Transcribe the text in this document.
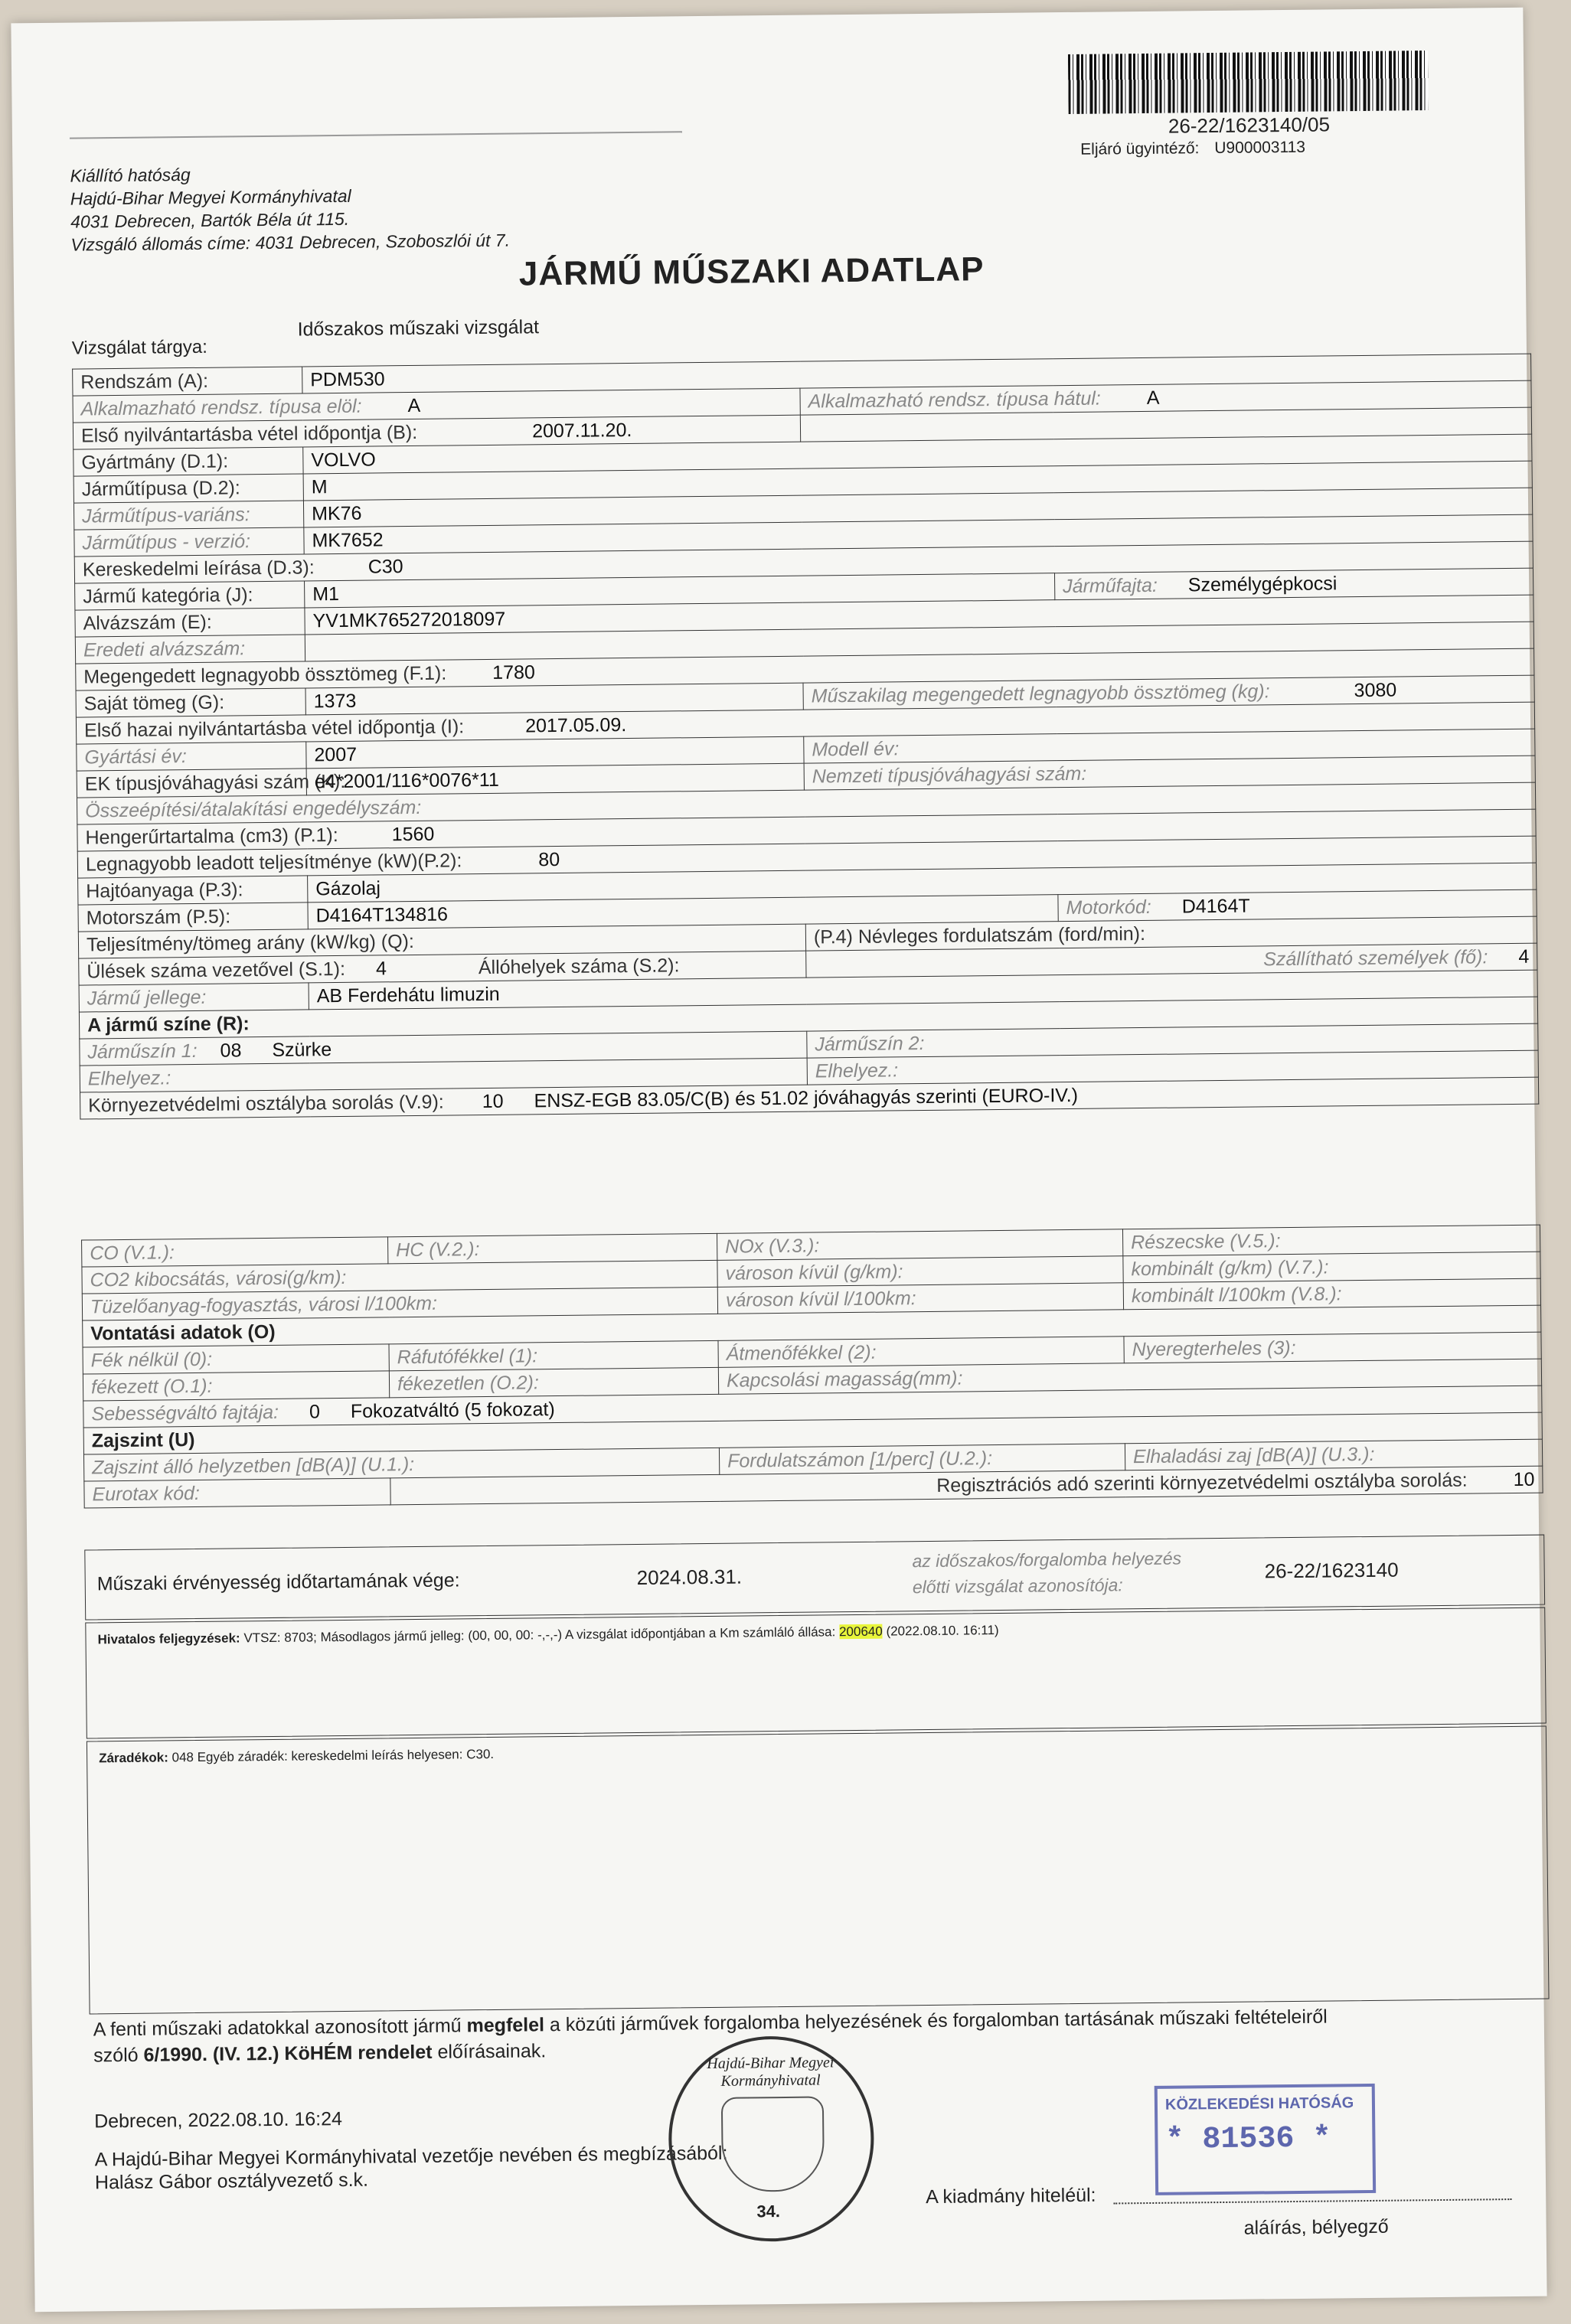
26-22/1623140/05
Eljáró ügyintéző: U900003113
Kiállító hatóság
Hajdú-Bihar Megyei Kormányhivatal
4031 Debrecen, Bartók Béla út 115.
Vizsgáló állomás címe: 4031 Debrecen, Szoboszlói út 7.
JÁRMŰ MŰSZAKI ADATLAP
Vizsgálat tárgya:
Időszakos műszaki vizsgálat
Rendszám (A):	PDM530		
Alkalmazható rendsz. típusa elöl: A		Alkalmazható rendsz. típusa hátul: A	
Első nyilvántartásba vétel időpontja (B): 2007.11.20.			
Gyártmány (D.1):	VOLVO		
Járműtípusa (D.2):	M		
Járműtípus-variáns:	MK76		
Járműtípus - verzió:	MK7652		
Kereskedelmi leírása (D.3): C30			
Jármű kategória (J):	M1		Járműfajta: Személygépkocsi
Alvázszám (E):	YV1MK765272018097		
Eredeti alvázszám:			
Megengedett legnagyobb össztömeg (F.1): 1780			
Saját tömeg (G):	1373	Műszakilag megengedett legnagyobb össztömeg (kg): 3080	
Első hazai nyilvántartásba vétel időpontja (I): 2017.05.09.			
Gyártási év:	2007	Modell év:	
EK típusjóváhagyási szám (K):	e4*2001/116*0076*11	Nemzeti típusjóváhagyási szám:	
Összeépítési/átalakítási engedélyszám:			
Hengerűrtartalma (cm3) (P.1): 1560			
Legnagyobb leadott teljesítménye (kW)(P.2): 80			
Hajtóanyaga (P.3):	Gázolaj		
Motorszám (P.5):	D4164T134816		Motorkód: D4164T
Teljesítmény/tömeg arány (kW/kg) (Q):		(P.4) Névleges fordulatszám (ford/min):	
Ülések száma vezetővel (S.1): 4 Állóhelyek száma (S.2):		Szállítható személyek (fő): 4	
Jármű jellege:	AB Ferdehátu limuzin		
A jármű színe (R):			
Járműszín 1: 08 Szürke		Járműszín 2:	
Elhelyez.:		Elhelyez.:	
Környezetvédelmi osztályba sorolás (V.9): 10 ENSZ-EGB 83.05/C(B) és 51.02 jóváhagyás szerinti (EURO-IV.)			
CO (V.1.):	HC (V.2.):	NOx (V.3.):	Részecske (V.5.):
CO2 kibocsátás, városi(g/km):		városon kívül (g/km):	kombinált (g/km) (V.7.):
Tüzelőanyag-fogyasztás, városi l/100km:		városon kívül l/100km:	kombinált l/100km (V.8.):
Vontatási adatok (O)			
Fék nélkül (0):	Ráfutófékkel (1):	Átmenőfékkel (2):	Nyeregterheles (3):
fékezett (O.1):	fékezetlen (O.2):	Kapcsolási magasság(mm):	
Sebességváltó fajtája: 0 Fokozatváltó (5 fokozat)			
Zajszint (U)			
Zajszint álló helyzetben [dB(A)] (U.1.):		Fordulatszámon [1/perc] (U.2.):	Elhaladási zaj [dB(A)] (U.3.):
Eurotax kód:	Regisztrációs adó szerinti környezetvédelmi osztályba sorolás: 10		
Műszaki érvényesség időtartamának vége:	2024.08.31.
az időszakos/forgalomba helyezés
előtti vizsgálat azonosítója:
26-22/1623140
Hivatalos feljegyzések: VTSZ: 8703; Másodlagos jármű jelleg: (00, 00, 00: -,-,-) A vizsgálat időpontjában a Km számláló állása: 200640 (2022.08.10. 16:11)
Záradékok: 048 Egyéb záradék: kereskedelmi leírás helyesen: C30.
A fenti műszaki adatokkal azonosított jármű megfelel a közúti járművek forgalomba helyezésének és forgalomban tartásának műszaki feltételeiről
szóló 6/1990. (IV. 12.) KöHÉM rendelet előírásainak.
Debrecen, 2022.08.10. 16:24
A Hajdú-Bihar Megyei Kormányhivatal vezetője nevében és megbízásából:
Halász Gábor osztályvezető s.k.
Hajdú-Bihar Megyei Kormányhivatal
34.
A kiadmány hiteléül:
aláírás, bélyegző
KÖZLEKEDÉSI HATÓSÁG
* 81536 *
